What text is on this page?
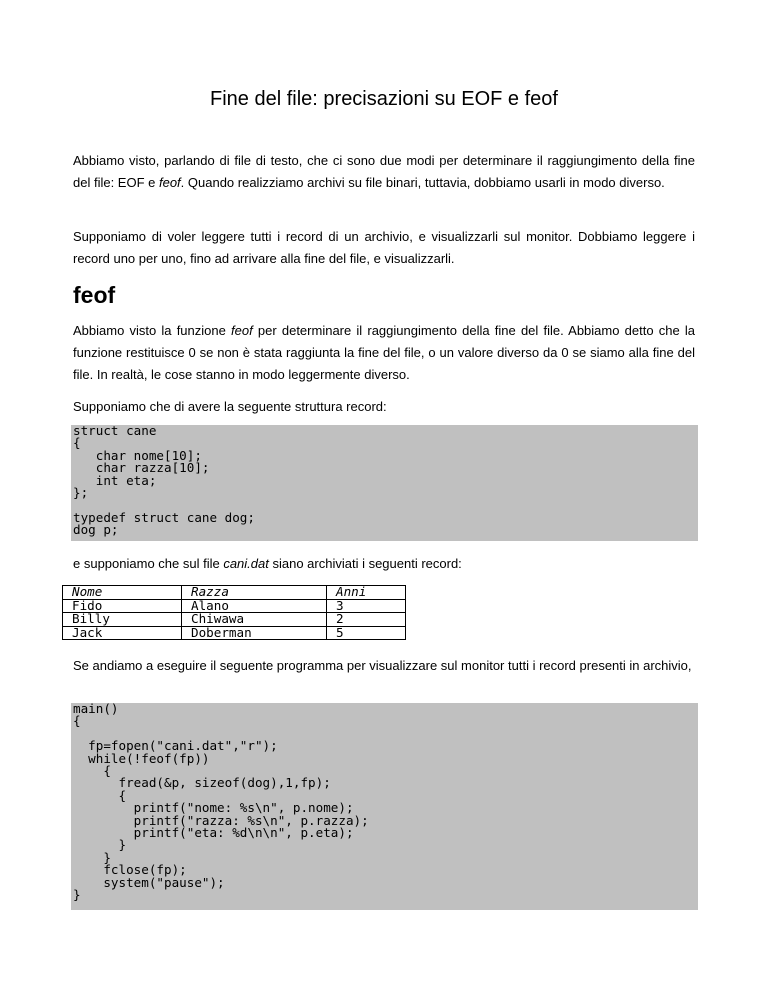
Fine del file: precisazioni su EOF e feof

Abbiamo visto, parlando di file di testo, che ci sono due modi per determinare il raggiungimento della fine del file: EOF e feof. Quando realizziamo archivi su file binari, tuttavia, dobbiamo usarli in modo diverso.

Supponiamo di voler leggere tutti i record di un archivio, e visualizzarli sul monitor. Dobbiamo leggere i record uno per uno, fino ad arrivare alla fine del file, e visualizzarli.

feof

Abbiamo visto la funzione feof per determinare il raggiungimento della fine del file. Abbiamo detto che la funzione restituisce 0 se non è stata raggiunta la fine del file, o un valore diverso da 0 se siamo alla fine del file. In realtà, le cose stanno in modo leggermente diverso.

Supponiamo che di avere la seguente struttura record:

struct cane
{
char nome[10];
char razza[10];
int eta;
};

typedef struct cane dog;
dog p;

e supponiamo che sul file cani.dat siano archiviati i seguenti record:

Nome	Razza	Anni
Fido	Alano	3
Billy	Chiwawa	2
Jack	Doberman	5

Se andiamo a eseguire il seguente programma per visualizzare sul monitor tutti i record presenti in archivio,

main()
{

fp=fopen("cani.dat","r");
while(!feof(fp))
{
fread(&p, sizeof(dog),1,fp);
{
printf("nome: %s\n", p.nome);
printf("razza: %s\n", p.razza);
printf("eta: %d\n\n", p.eta);
}
}
fclose(fp);
system("pause");
}
